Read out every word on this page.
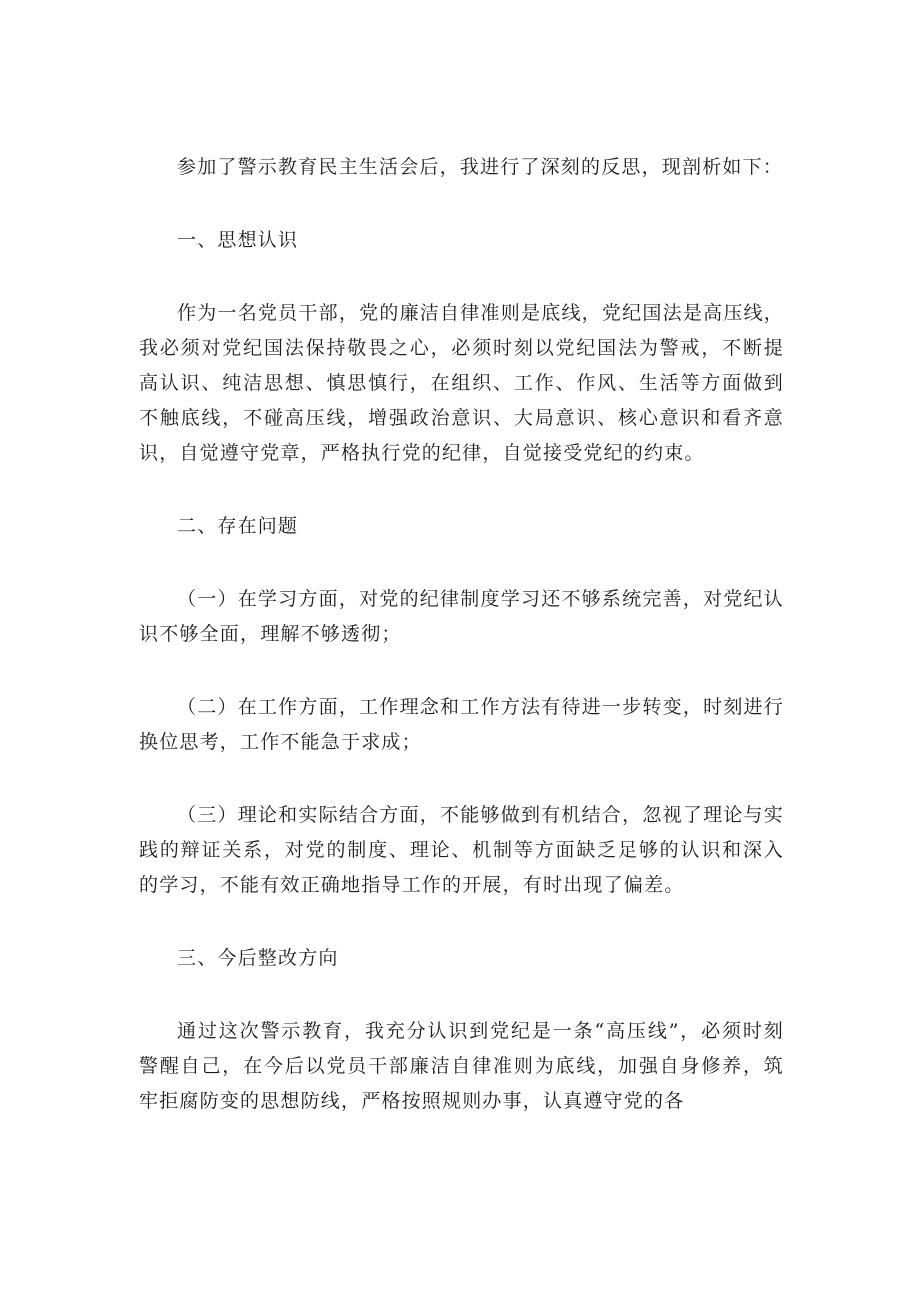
参加了警示教育民主生活会后，我进行了深刻的反思，现剖析如下：

一、思想认识

作为一名党员干部，党的廉洁自律准则是底线，党纪国法是高压线，我必须对党纪国法保持敬畏之心，必须时刻以党纪国法为警戒，不断提高认识、纯洁思想、慎思慎行，在组织、工作、作风、生活等方面做到不触底线，不碰高压线，增强政治意识、大局意识、核心意识和看齐意识，自觉遵守党章，严格执行党的纪律，自觉接受党纪的约束。

二、存在问题

（一）在学习方面，对党的纪律制度学习还不够系统完善，对党纪认识不够全面，理解不够透彻；

（二）在工作方面，工作理念和工作方法有待进一步转变，时刻进行换位思考，工作不能急于求成；

（三）理论和实际结合方面，不能够做到有机结合，忽视了理论与实践的辩证关系，对党的制度、理论、机制等方面缺乏足够的认识和深入的学习，不能有效正确地指导工作的开展，有时出现了偏差。

三、今后整改方向

通过这次警示教育，我充分认识到党纪是一条“高压线”，必须时刻警醒自己，在今后以党员干部廉洁自律准则为底线，加强自身修养，筑牢拒腐防变的思想防线，严格按照规则办事，认真遵守党的各
